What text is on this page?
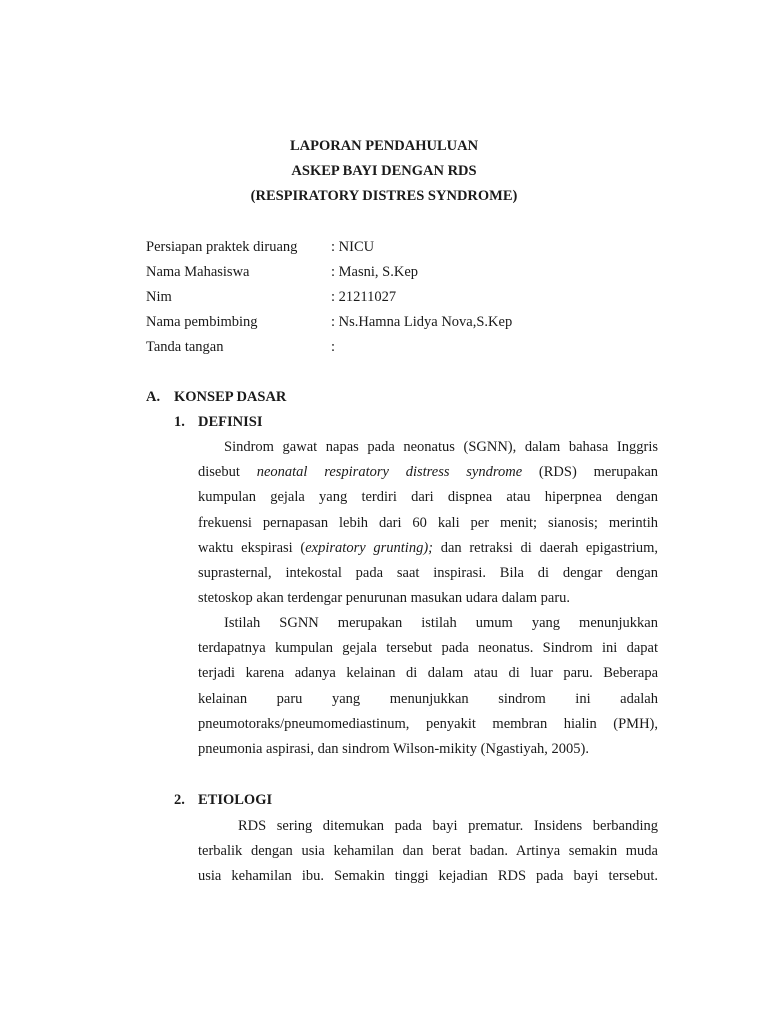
LAPORAN PENDAHULUAN
ASKEP BAYI DENGAN RDS
(RESPIRATORY DISTRES SYNDROME)
Persiapan praktek diruang	: NICU
Nama Mahasiswa	: Masni, S.Kep
Nim	: 21211027
Nama pembimbing	: Ns.Hamna Lidya Nova,S.Kep
Tanda tangan	:
A. KONSEP DASAR
1. DEFINISI
Sindrom gawat napas pada neonatus (SGNN), dalam bahasa Inggris
disebut neonatal respiratory distress syndrome (RDS) merupakan
kumpulan gejala yang terdiri dari dispnea atau hiperpnea dengan
frekuensi pernapasan lebih dari 60 kali per menit; sianosis; merintih
waktu ekspirasi (expiratory grunting); dan retraksi di daerah epigastrium,
suprasternal, intekostal pada saat inspirasi. Bila di dengar dengan
stetoskop akan terdengar penurunan masukan udara dalam paru.
Istilah SGNN merupakan istilah umum yang menunjukkan
terdapatnya kumpulan gejala tersebut pada neonatus. Sindrom ini dapat
terjadi karena adanya kelainan di dalam atau di luar paru. Beberapa
kelainan paru yang menunjukkan sindrom ini adalah
pneumotoraks/pneumomediastinum, penyakit membran hialin (PMH),
pneumonia aspirasi, dan sindrom Wilson-mikity (Ngastiyah, 2005).
2. ETIOLOGI
RDS sering ditemukan pada bayi prematur. Insidens berbanding
terbalik dengan usia kehamilan dan berat badan. Artinya semakin muda
usia kehamilan ibu. Semakin tinggi kejadian RDS pada bayi tersebut.
